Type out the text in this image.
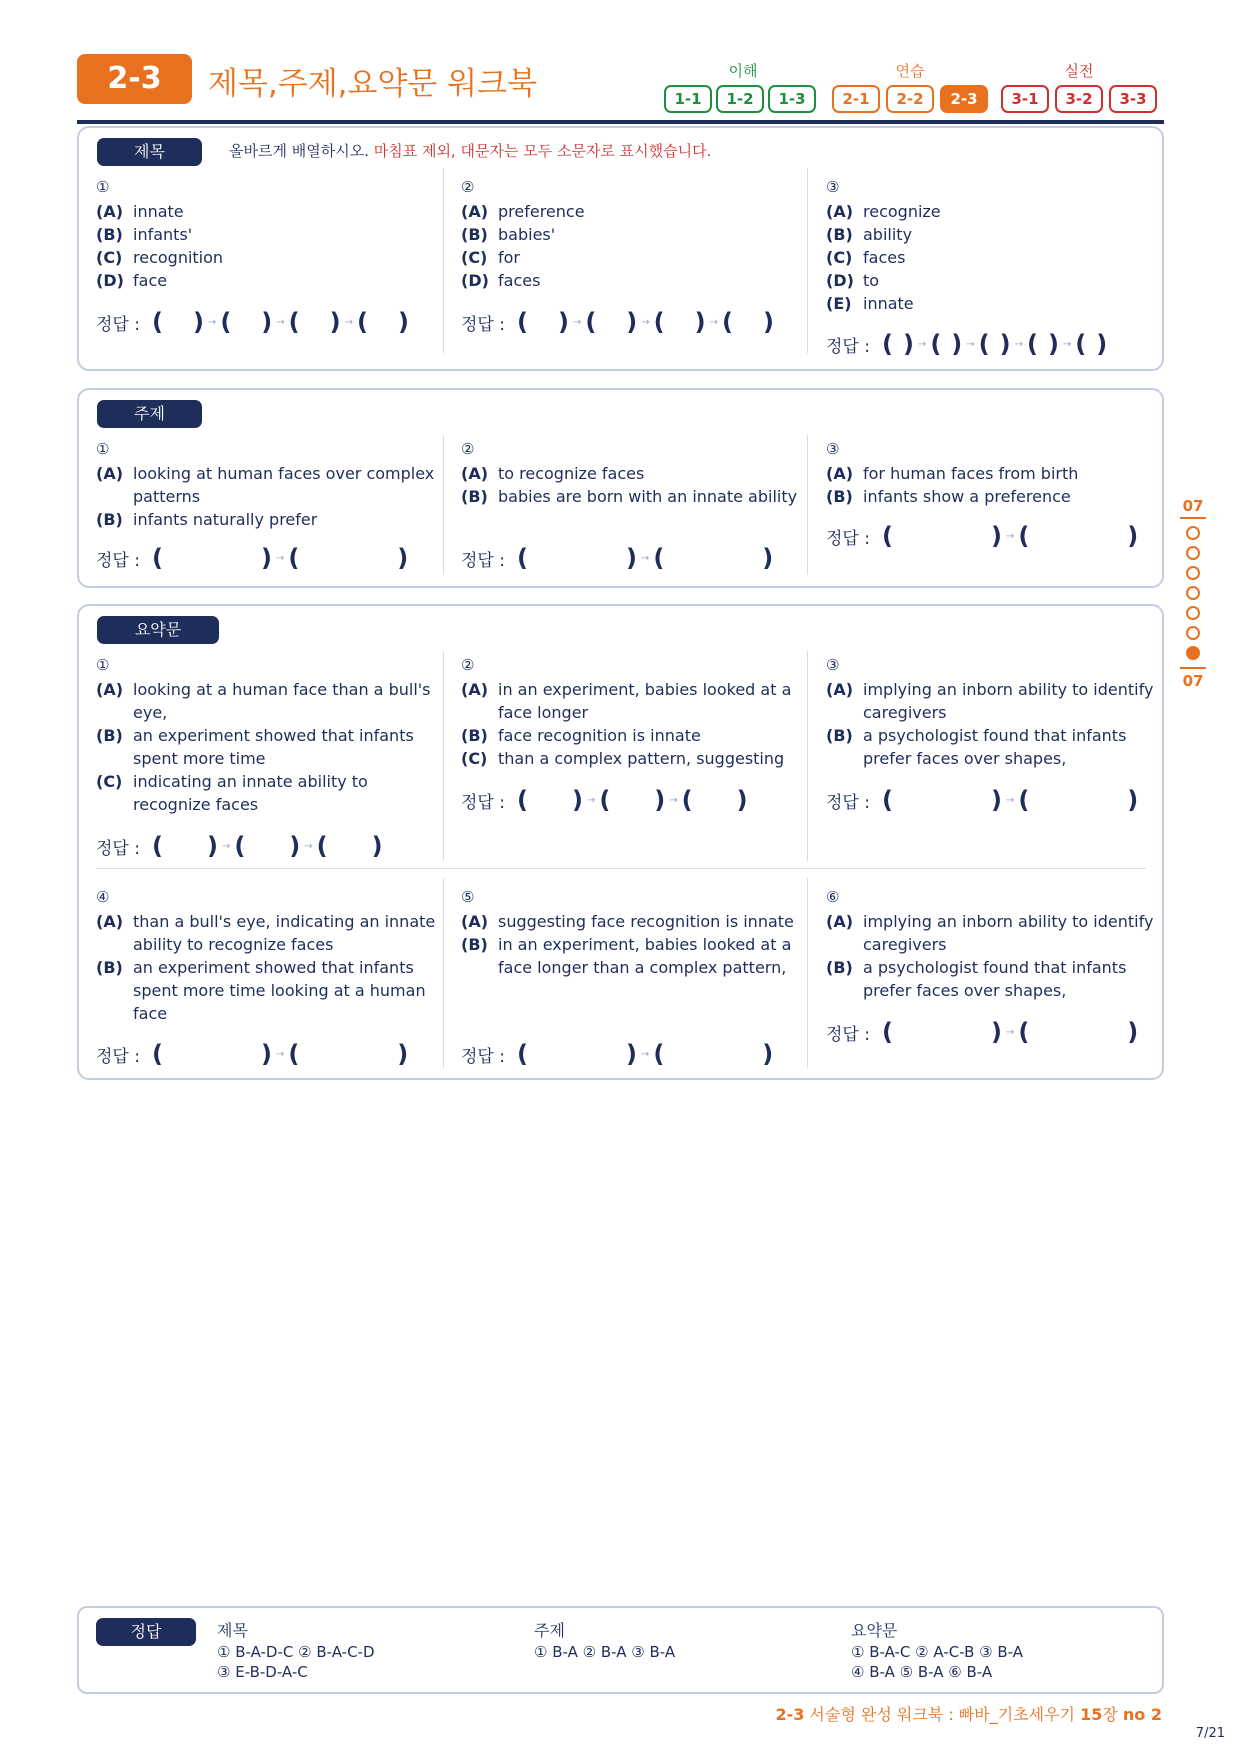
2-3	제목,주제,요약문 워크북	이해
1-1	1-2	1-3
연습
2-1	2-2	2-3
실전
3-1	3-2	3-3
제목	올바르게 배열하시오. 마침표 제외, 대문자는 모두 소문자로 표시했습니다.
①
(A) innate
(B) infants'
(C) recognition
(D) face
정답 : ( ) → ( ) → ( ) → ( )
②
(A) preference
(B) babies'
(C) for
(D) faces
정답 : ( ) → ( ) → ( ) → ( )
③
(A) recognize
(B) ability
(C) faces
(D) to
(E) innate
정답 : ( ) → ( ) → ( ) → ( ) → ( )
주제
①
(A) looking at human faces over complex patterns
(B) infants naturally prefer
정답 : (	) → (	)
②
(A) to recognize faces
(B) babies are born with an innate ability
정답 : (	) → (	)
③
(A) for human faces from birth
(B) infants show a preference
정답 : (	) → (	)
요약문
①
(A) looking at a human face than a bull's eye,
(B) an experiment showed that infants spent more time
(C) indicating an innate ability to recognize faces
정답 : ( ) → ( ) → ( )
②
(A) in an experiment, babies looked at a face longer
(B) face recognition is innate
(C) than a complex pattern, suggesting
정답 : ( ) → ( ) → ( )
③
(A) implying an inborn ability to identify caregivers
(B) a psychologist found that infants prefer faces over shapes,
정답 : (	) → (	)
④
(A) than a bull's eye, indicating an innate ability to recognize faces
(B) an experiment showed that infants spent more time looking at a human face
정답 : (	) → (	)
⑤
(A) suggesting face recognition is innate
(B) in an experiment, babies looked at a face longer than a complex pattern,
정답 : (	) → (	)
⑥
(A) implying an inborn ability to identify caregivers
(B) a psychologist found that infants prefer faces over shapes,
정답 : (	) → (	)
07
07
정답	제목
① B-A-D-C ② B-A-C-D
③ E-B-D-A-C
주제
① B-A ② B-A ③ B-A
요약문
① B-A-C ② A-C-B ③ B-A
④ B-A ⑤ B-A ⑥ B-A
2-3 서술형 완성 워크북 : 빠바_기초세우기 15장 no 2
7/21
